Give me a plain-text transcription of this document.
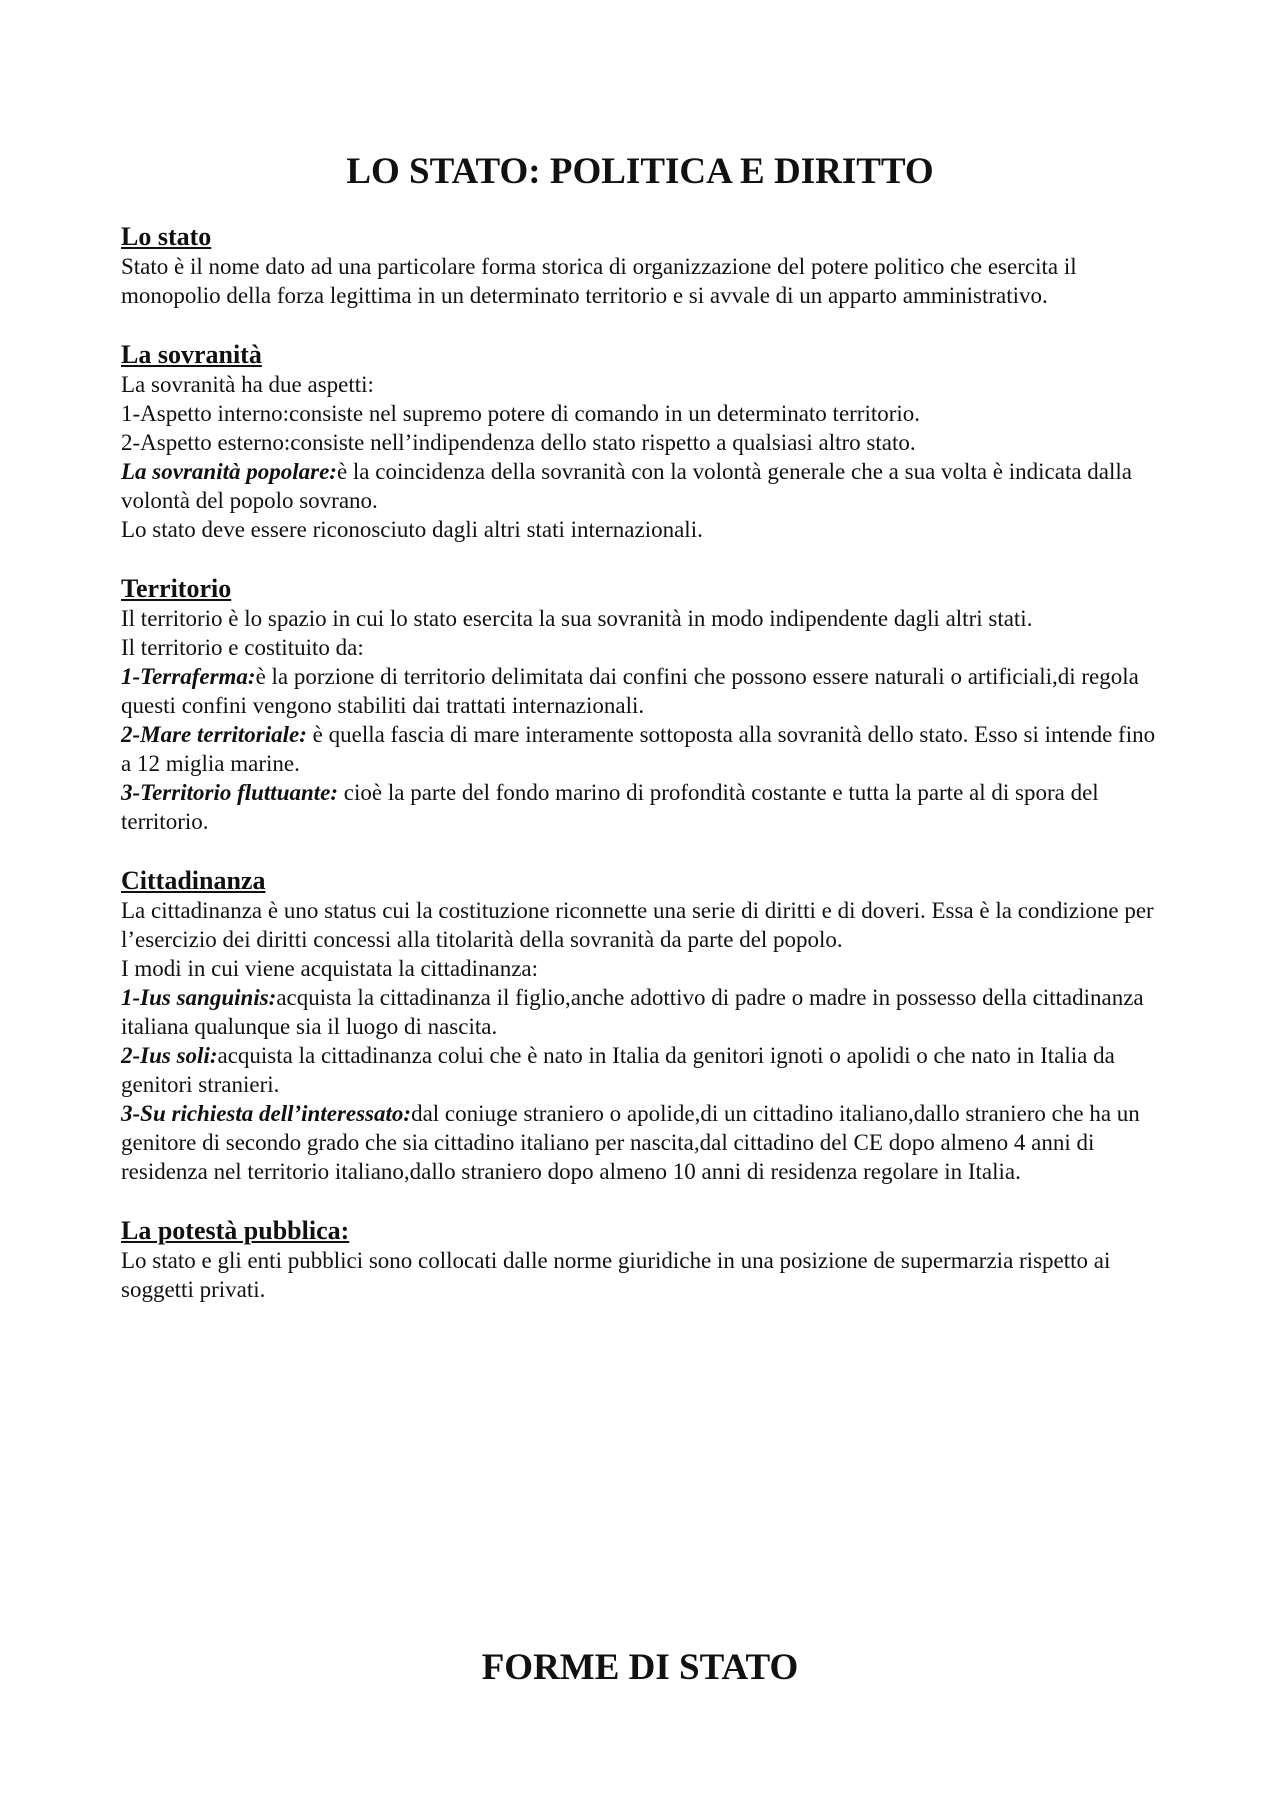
LO STATO: POLITICA E DIRITTO
Lo stato

Stato è il nome dato ad una particolare forma storica di organizzazione del potere politico che esercita il monopolio della forza legittima in un determinato territorio e si avvale di un apparto amministrativo.

La sovranità

La sovranità ha due aspetti:

1-Aspetto interno:consiste nel supremo potere di comando in un determinato territorio.

2-Aspetto esterno:consiste nell’indipendenza dello stato rispetto a qualsiasi altro stato.

La sovranità popolare:è la coincidenza della sovranità con la volontà generale che a sua volta è indicata dalla volontà del popolo sovrano.

Lo stato deve essere riconosciuto dagli altri stati internazionali.

Territorio

Il territorio è lo spazio in cui lo stato esercita la sua sovranità in modo indipendente dagli altri stati.

Il territorio e costituito da:

1-Terraferma:è la porzione di territorio delimitata dai confini che possono essere naturali o artificiali,di regola questi confini vengono stabiliti dai trattati internazionali.

2-Mare territoriale: è quella fascia di mare interamente sottoposta alla sovranità dello stato. Esso si intende fino a 12 miglia marine.

3-Territorio fluttuante: cioè la parte del fondo marino di profondità costante e tutta la parte al di spora del territorio.

Cittadinanza

La cittadinanza è uno status cui la costituzione riconnette una serie di diritti e di doveri. Essa è la condizione per l’esercizio dei diritti concessi alla titolarità della sovranità da parte del popolo.

I modi in cui viene acquistata la cittadinanza:

1-Ius sanguinis:acquista la cittadinanza il figlio,anche adottivo di padre o madre in possesso della cittadinanza italiana qualunque sia il luogo di nascita.

2-Ius soli:acquista la cittadinanza colui che è nato in Italia da genitori ignoti o apolidi o che nato in Italia da genitori stranieri.

3-Su richiesta dell’interessato:dal coniuge straniero o apolide,di un cittadino italiano,dallo straniero che ha un genitore di secondo grado che sia cittadino italiano per nascita,dal cittadino del CE dopo almeno 4 anni di residenza nel territorio italiano,dallo straniero dopo almeno 10 anni di residenza regolare in Italia.

La potestà pubblica:

Lo stato e gli enti pubblici sono collocati dalle norme giuridiche in una posizione de supermarzia rispetto ai soggetti privati.

FORME DI STATO
